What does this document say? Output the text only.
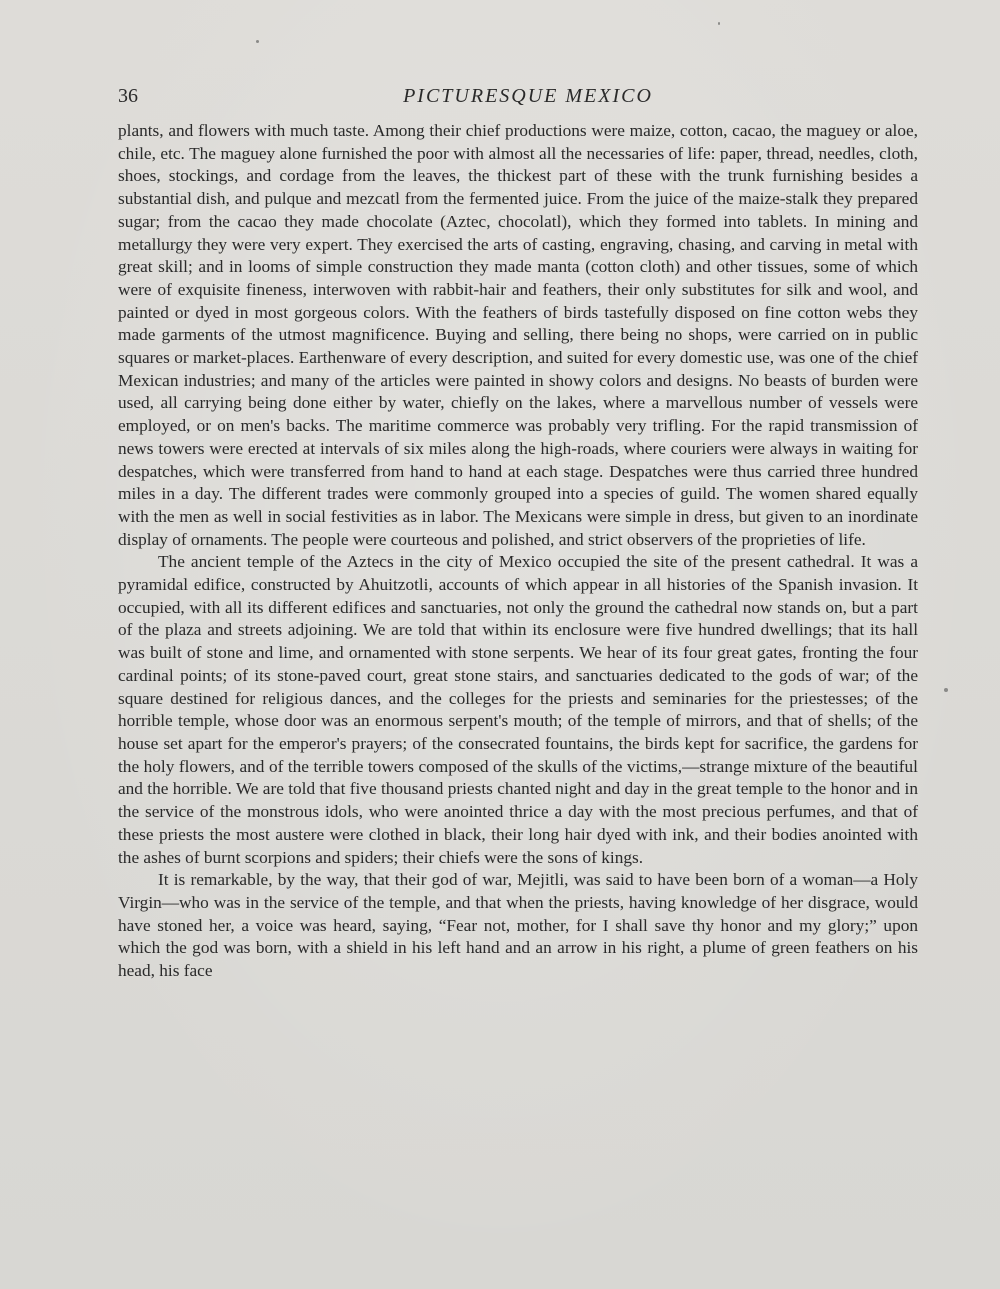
36	PICTURESQUE MEXICO

plants, and flowers with much taste. Among their chief productions were maize, cotton, cacao, the maguey or aloe, chile, etc. The maguey alone furnished the poor with almost all the necessaries of life: paper, thread, needles, cloth, shoes, stockings, and cordage from the leaves, the thickest part of these with the trunk furnishing besides a substantial dish, and pulque and mezcatl from the fermented juice. From the juice of the maize-stalk they prepared sugar; from the cacao they made chocolate (Aztec, chocolatl), which they formed into tablets. In mining and metallurgy they were very expert. They exercised the arts of casting, engraving, chasing, and carving in metal with great skill; and in looms of simple construction they made manta (cotton cloth) and other tissues, some of which were of exquisite fineness, interwoven with rabbit-hair and feathers, their only substitutes for silk and wool, and painted or dyed in most gorgeous colors. With the feathers of birds tastefully disposed on fine cotton webs they made garments of the utmost magnificence. Buying and selling, there being no shops, were carried on in public squares or market-places. Earthenware of every description, and suited for every domestic use, was one of the chief Mexican industries; and many of the articles were painted in showy colors and designs. No beasts of burden were used, all carrying being done either by water, chiefly on the lakes, where a marvellous number of vessels were employed, or on men's backs. The maritime commerce was probably very trifling. For the rapid transmission of news towers were erected at intervals of six miles along the high-roads, where couriers were always in waiting for despatches, which were transferred from hand to hand at each stage. Despatches were thus carried three hundred miles in a day. The different trades were commonly grouped into a species of guild. The women shared equally with the men as well in social festivities as in labor. The Mexicans were simple in dress, but given to an inordinate display of ornaments. The people were courteous and polished, and strict observers of the proprieties of life.

The ancient temple of the Aztecs in the city of Mexico occupied the site of the present cathedral. It was a pyramidal edifice, constructed by Ahuitzotli, accounts of which appear in all histories of the Spanish invasion. It occupied, with all its different edifices and sanctuaries, not only the ground the cathedral now stands on, but a part of the plaza and streets adjoining. We are told that within its enclosure were five hundred dwellings; that its hall was built of stone and lime, and ornamented with stone serpents. We hear of its four great gates, fronting the four cardinal points; of its stone-paved court, great stone stairs, and sanctuaries dedicated to the gods of war; of the square destined for religious dances, and the colleges for the priests and seminaries for the priestesses; of the horrible temple, whose door was an enormous serpent's mouth; of the temple of mirrors, and that of shells; of the house set apart for the emperor's prayers; of the consecrated fountains, the birds kept for sacrifice, the gardens for the holy flowers, and of the terrible towers composed of the skulls of the victims,—strange mixture of the beautiful and the horrible. We are told that five thousand priests chanted night and day in the great temple to the honor and in the service of the monstrous idols, who were anointed thrice a day with the most precious perfumes, and that of these priests the most austere were clothed in black, their long hair dyed with ink, and their bodies anointed with the ashes of burnt scorpions and spiders; their chiefs were the sons of kings.

It is remarkable, by the way, that their god of war, Mejitli, was said to have been born of a woman—a Holy Virgin—who was in the service of the temple, and that when the priests, having knowledge of her disgrace, would have stoned her, a voice was heard, saying, “Fear not, mother, for I shall save thy honor and my glory;” upon which the god was born, with a shield in his left hand and an arrow in his right, a plume of green feathers on his head, his face
